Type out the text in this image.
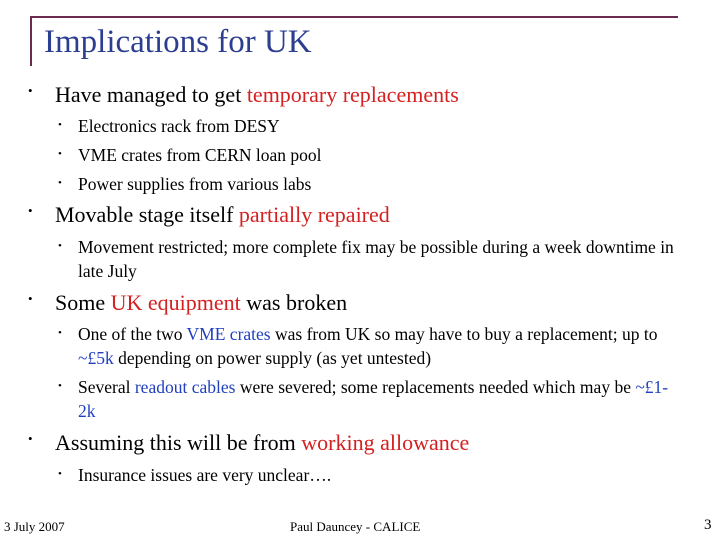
Implications for UK
• Have managed to get temporary replacements
• Electronics rack from DESY
• VME crates from CERN loan pool
• Power supplies from various labs
• Movable stage itself partially repaired
• Movement restricted; more complete fix may be possible during a week downtime in late July
• Some UK equipment was broken
• One of the two VME crates was from UK so may have to buy a replacement; up to ~£5k depending on power supply (as yet untested)
• Several readout cables were severed; some replacements needed which may be ~£1-2k
• Assuming this will be from working allowance
• Insurance issues are very unclear….
3 July 2007	Paul Dauncey - CALICE	3
